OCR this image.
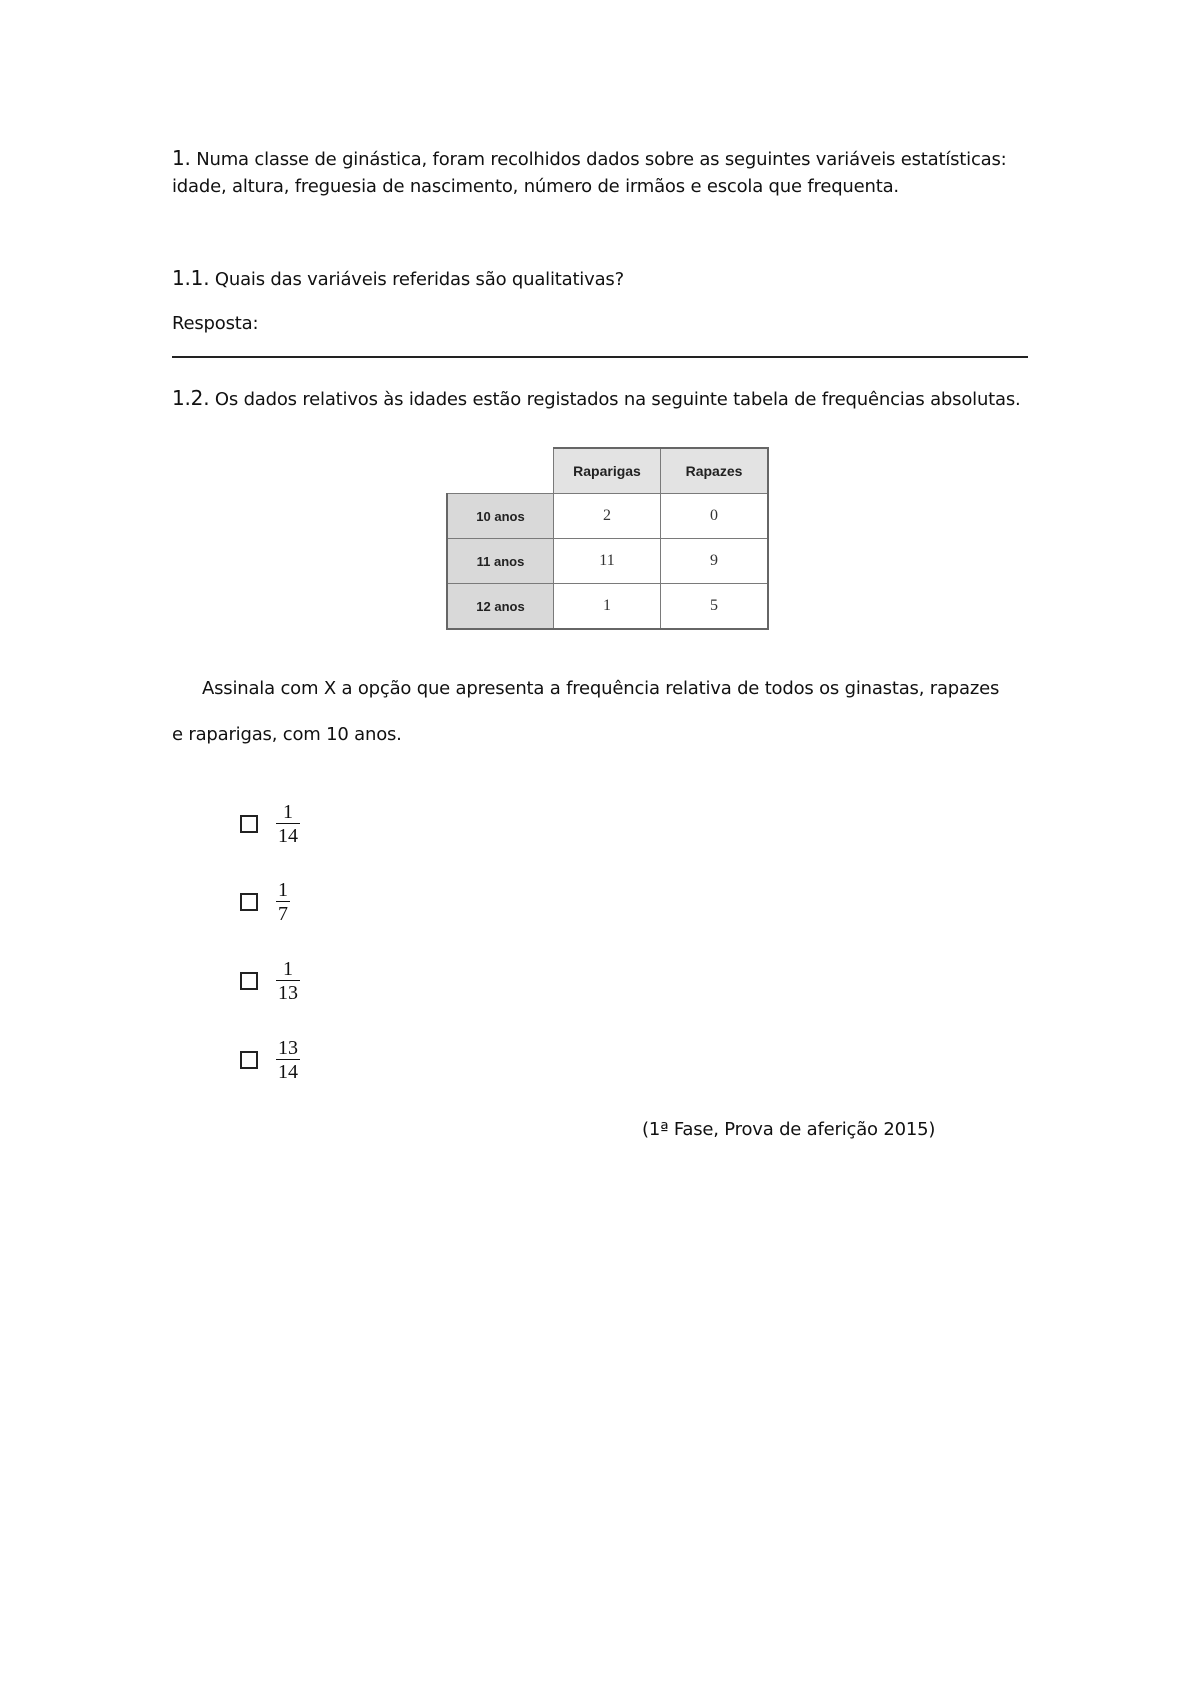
1. Numa classe de ginástica, foram recolhidos dados sobre as seguintes variáveis estatísticas:
idade, altura, freguesia de nascimento, número de irmãos e escola que frequenta.
1.1. Quais das variáveis referidas são qualitativas?
Resposta:
1.2. Os dados relativos às idades estão registados na seguinte tabela de frequências absolutas.
	Raparigas	Rapazes
10 anos	2	0
11 anos	11	9
12 anos	1	5
Assinala com X a opção que apresenta a frequência relativa de todos os ginastas, rapazes
e raparigas, com 10 anos.
$\frac{1}{14}$
$\frac{1}{7}$
$\frac{1}{13}$
$\frac{13}{14}$
(1ª Fase, Prova de aferição 2015)
